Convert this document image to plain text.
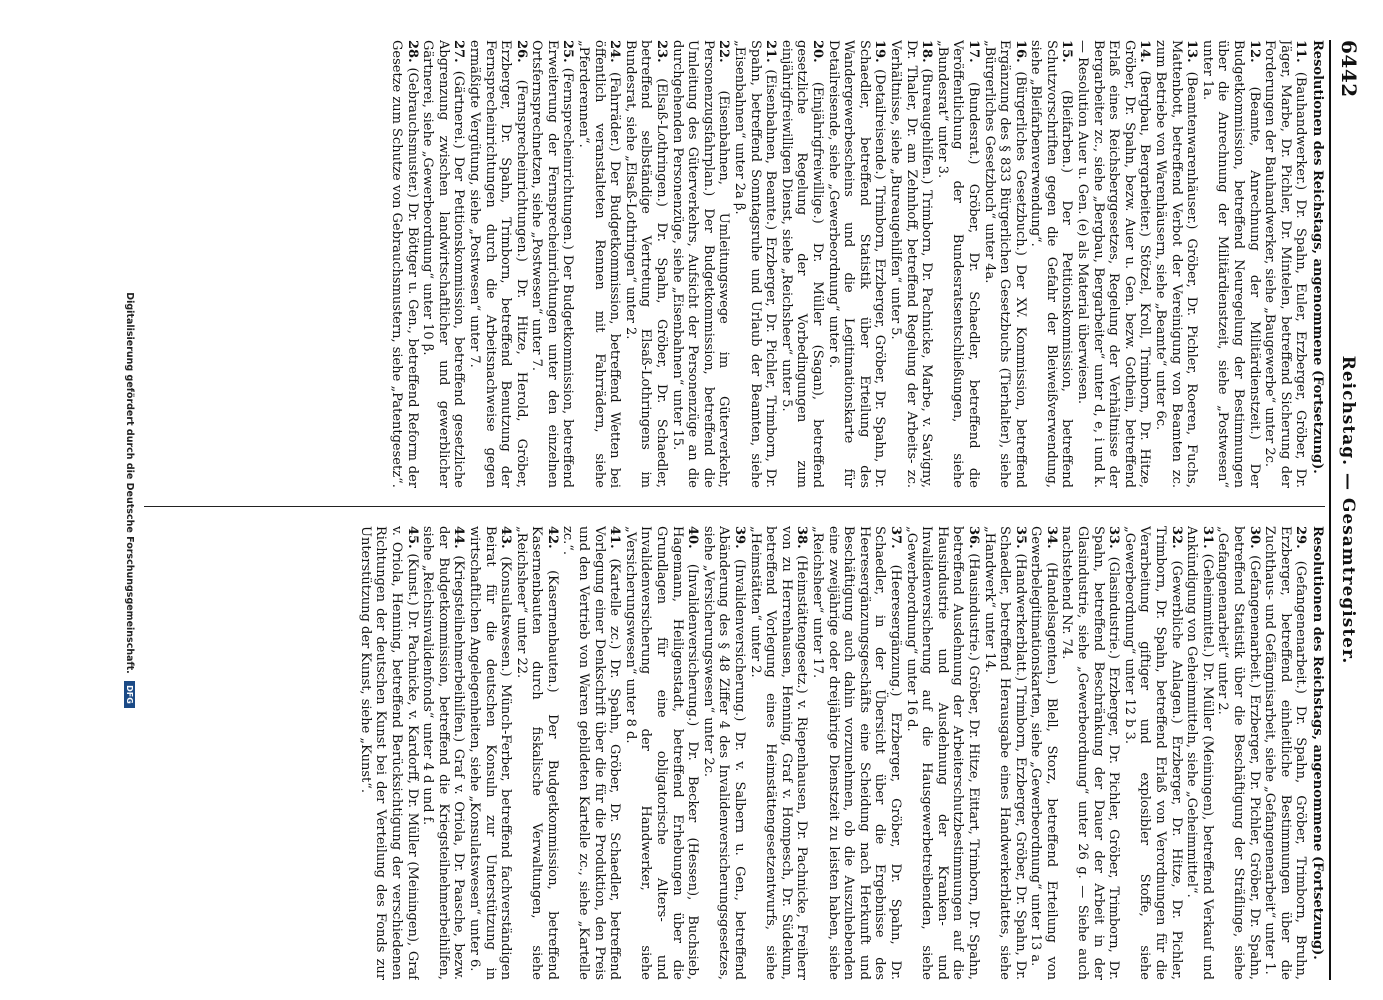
6442
Reichstag. — Gesamtregister.
Resolutionen des Reichstags, angenommene (Fortsetzung).

11. (Bauhandwerker.) Dr. Spahn, Euler, Erzberger, Gröber, Dr. Jäger, Marbe, Dr. Pichler, Dr. Mintelen, betreffend Sicherung der Forderungen der Bauhandwerker, siehe „Baugewerbe“ unter 2c.

12. (Beamte, Anrechnung der Militärdienstzeit.) Der Budgetkommission, betreffend Neuregelung der Bestimmungen über die Anrechnung der Militärdienstzeit, siehe „Postwesen“ unter 1a.

13. (Beamtenwarenhäuser.) Gröber, Dr. Pichler, Roeren, Fuchs, Mattenbott, betreffend Verbot der Vereinigung von Beamten zc. zum Betriebe von Warenhäusern, siehe „Beamte“ unter 6c.

14. (Bergbau, Bergarbeiter.) Stötzel, Kroll, Trimborn, Dr. Hitze, Gröber, Dr. Spahn, bezw. Auer u. Gen. bezw. Gothein, betreffend Erlaß eines Reichsberggesetzes, Regelung der Verhältnisse der Bergarbeiter zc., siehe „Bergbau, Bergarbeiter“ unter d, e, i und k. — Resolution Auer u. Gen. (e) als Material überwiesen.

15. (Bleifarben.) Der Petitionskommission, betreffend Schutzvorschriften gegen die Gefahr der Bleiweißverwendung, siehe „Bleifarbenverwendung“.

16. (Bürgerliches Gesetzbuch.) Der XV. Kommission, betreffend Ergänzung des § 833 Bürgerlichen Gesetzbuchs (Tierhalter), siehe „Bürgerliches Gesetzbuch“ unter 4a.

17. (Bundesrat.) Gröber, Dr. Schaedler, betreffend die Veröffentlichung der Bundesratsentschließungen, siehe „Bundesrat“ unter 3.

18. (Bureaugehilfen.) Trimborn, Dr. Pachnicke, Marbe, v. Savigny, Dr. Thaler, Dr. am Zehnhoff, betreffend Regelung der Arbeits- zc. Verhältnisse, siehe „Bureaugehilfen“ unter 5.

19. (Detailreisende.) Trimborn, Erzberger, Gröber, Dr. Spahn, Dr. Schaedler, betreffend Statistik über Erteilung des Wandergewerbescheins und die Legitimationskarte für Detailreisende, siehe „Gewerbeordnung“ unter 6.

20. (Einjährigfreiwillige.) Dr. Müller (Sagan), betreffend gesetzliche Regelung der Vorbedingungen zum einjährigfreiwilligen Dienst, siehe „Reichsheer“ unter 5.

21. (Eisenbahnen, Beamte.) Erzberger, Dr. Pichler, Trimborn, Dr. Spahn, betreffend Sonntagsruhe und Urlaub der Beamten, siehe „Eisenbahnen“ unter 2a β.

22. (Eisenbahnen, Umleitungswege im Güterverkehr, Personenzugsfahrplan.) Der Budgetkommission, betreffend die Umleitung des Güterverkehrs, Aufsicht der Personenzüge an die durchgehenden Personenzüge, siehe „Eisenbahnen“ unter 15.

23. (Elsaß-Lothringen.) Dr. Spahn, Gröber, Dr. Schaedler, betreffend selbständige Vertretung Elsaß-Lothringens im Bundesrat, siehe „Elsaß-Lothringen“ unter 2.

24. (Fahrräder.) Der Budgetkommission, betreffend Wetten bei öffentlich veranstalteten Rennen mit Fahrrädern, siehe „Pferderennen“.

25. (Fernsprecheinrichtungen.) Der Budgetkommission, betreffend Erweiterung der Fernsprecheinrichtungen unter den einzelnen Ortsfernsprechnetzen, siehe „Postwesen“ unter 7.

26. (Fernsprecheinrichtungen.) Dr. Hitze, Herold, Gröber, Erzberger, Dr. Spahn, Trimborn, betreffend Benutzung der Fernsprecheinrichtungen durch die Arbeitsnachweise gegen ermäßigte Vergütung, siehe „Postwesen“ unter 7.

27. (Gärtnerei.) Der Petitionskommission, betreffend gesetzliche Abgrenzung zwischen landwirtschaftlicher und gewerblicher Gärtnerei, siehe „Gewerbeordnung“ unter 10 β.

28. (Gebrauchsmuster.) Dr. Böttger u. Gen., betreffend Reform der Gesetze zum Schutze von Gebrauchsmustern, siehe „Patentgesetz“.

Resolutionen des Reichstags, angenommene (Fortsetzung).

29. (Gefangenenarbeit.) Dr. Spahn, Gröber, Trimborn, Bruhn, Erzberger, betreffend einheitliche Bestimmungen über die Zuchthaus- und Gefängnisarbeit, siehe „Gefangenenarbeit“ unter 1.

30. (Gefangenenarbeit.) Erzberger, Dr. Pichler, Gröber, Dr. Spahn, betreffend Statistik über die Beschäftigung der Sträflinge, siehe „Gefangenenarbeit“ unter 2.

31. (Geheimmittel.) Dr. Müller (Meiningen), betreffend Verkauf und Ankündigung von Geheimmitteln, siehe „Geheimmittel“.

32. (Gewerbliche Anlagen.) Erzberger, Dr. Hitze, Dr. Pichler, Trimborn, Dr. Spahn, betreffend Erlaß von Verordnungen für die Verarbeitung giftiger und explosibler Stoffe, siehe „Gewerbeordnung“ unter 12 b 3.

33. (Glasindustrie.) Erzberger, Dr. Pichler, Gröber, Trimborn, Dr. Spahn, betreffend Beschränkung der Dauer der Arbeit in der Glasindustrie, siehe „Gewerbeordnung“ unter 26 g. — Siehe auch nachstehend Nr. 74.

34. (Handelsagenten.) Blell, Storz, betreffend Erteilung von Gewerbelegitimationskarten, siehe „Gewerbeordnung“ unter 13 a.

35. (Handwerkerblatt.) Trimborn, Erzberger, Gröber, Dr. Spahn, Dr. Schaedler, betreffend Herausgabe eines Handwerkerblattes, siehe „Handwerk“ unter 14.

36. (Hausindustrie.) Gröber, Dr. Hitze, Eittart, Trimborn, Dr. Spahn, betreffend Ausdehnung der Arbeiterschutzbestimmungen auf die Hausindustrie und Ausdehnung der Kranken- und Invalidenversicherung auf die Hausgewerbetreibenden, siehe „Gewerbeordnung“ unter 16 d.

37. (Heeresergänzung.) Erzberger, Gröber, Dr. Spahn, Dr. Schaedler, in der Übersicht über die Ergebnisse des Heeresergänzungsgeschäfts eine Scheidung nach Herkunft und Beschäftigung auch dahin vorzunehmen, ob die Auszuhebenden eine zweijährige oder dreijährige Dienstzeit zu leisten haben, siehe „Reichsheer“ unter 17.

38. (Heimstättengesetz.) v. Riepenhausen, Dr. Pachnicke, Freiherr von zu Herrenhausen, Henning, Graf v. Hompesch, Dr. Südekum, betreffend Vorlegung eines Heimstättengesetzentwurfs, siehe „Heimstätten“ unter 2.

39. (Invalidenversicherung.) Dr. v. Salbern u. Gen., betreffend Abänderung des § 48 Ziffer 4 des Invalidenversicherungsgesetzes, siehe „Versicherungswesen“ unter 2c.

40. (Invalidenversicherung.) Dr. Becker (Hessen), Buchsieb, Hagemann, Heiligenstadt, betreffend Erhebungen über die Grundlagen für eine obligatorische Alters- und Invalidenversicherung der Handwerker, siehe „Versicherungswesen“ unter 8 d.

41. (Kartelle zc.) Dr. Spahn, Gröber, Dr. Schaedler, betreffend Vorlegung einer Denkschrift über die für die Produktion, den Preis und den Vertrieb von Waren gebildeten Kartelle zc., siehe „Kartelle zc.“.

42. (Kasernenbauten.) Der Budgetkommission, betreffend Kasernenbauten durch fiskalische Verwaltungen, siehe „Reichsheer“ unter 22.

43. (Konsulatswesen.) Münch-Ferber, betreffend fachverständigen Beirat für die deutschen Konsuln zur Unterstützung in wirtschaftlichen Angelegenheiten, siehe „Konsulatswesen“ unter 6.

44. (Kriegsteilnehmerbeihilfen.) Graf v. Oriola, Dr. Paasche, bezw. der Budgetkommission, betreffend die Kriegsteilnehmerbeihilfen, siehe „Reichsinvalidenfonds“ unter 4 d und f.

45. (Kunst.) Dr. Pachnicke, v. Kardorff, Dr. Müller (Meiningen), Graf v. Oriola, Henning, betreffend Berücksichtigung der verschiedenen Richtungen der deutschen Kunst bei der Verteilung des Fonds zur Unterstützung der Kunst, siehe „Kunst“.

Digitalisierung gefördert durch die Deutsche Forschungsgemeinschaft. DFG
